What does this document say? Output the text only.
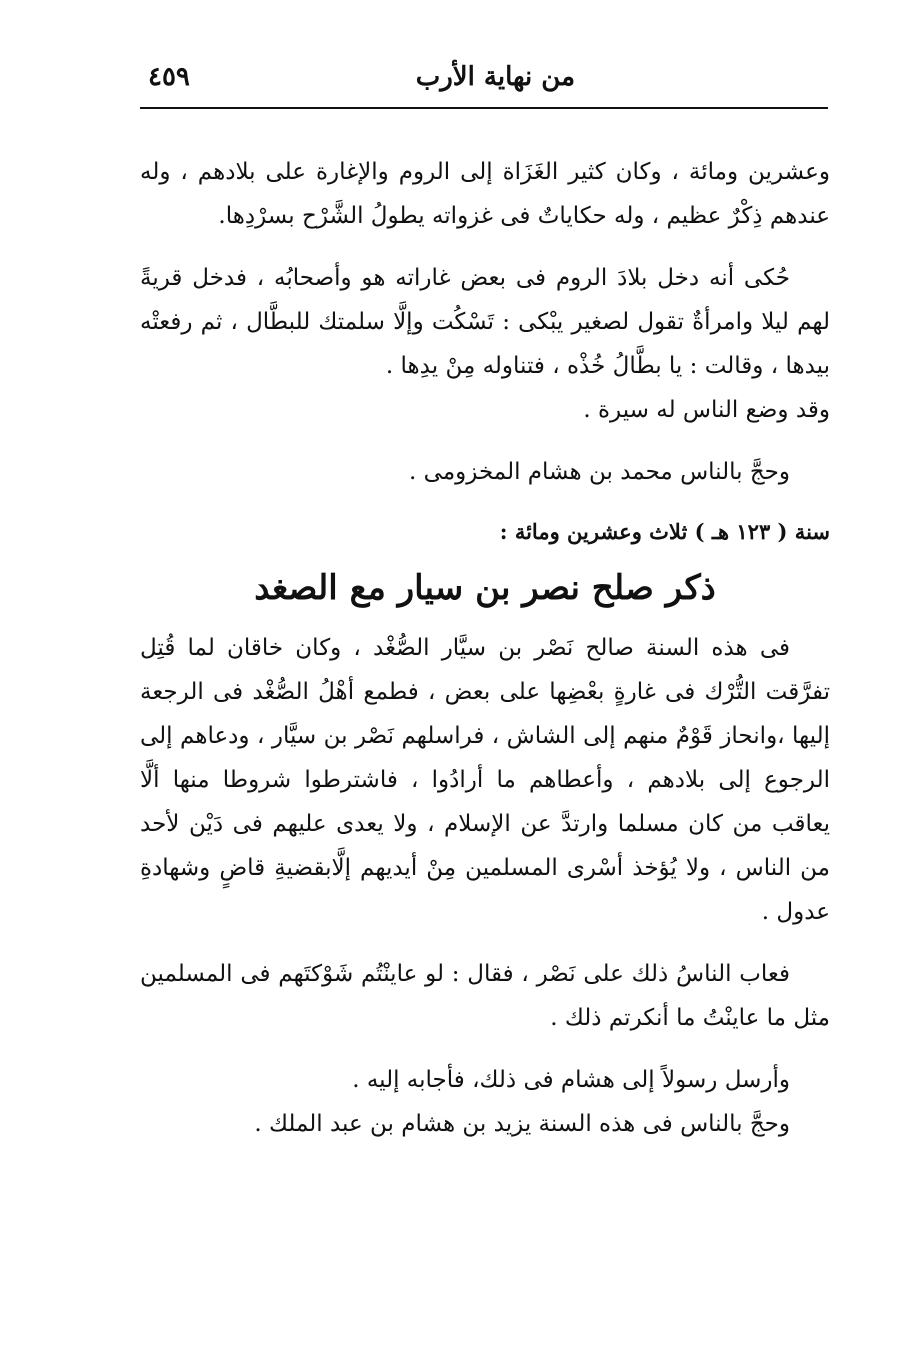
من نهاية الأرب
٤٥٩

وعشرين ومائة ، وكان كثير الغَزَاة إلى الروم والإغارة على بلادهم ، وله عندهم ذِكْرٌ عظيم ، وله حكاياتٌ فى غزواته يطولُ الشَّرْح بسرْدِها.

حُكى أنه دخل بلادَ الروم فى بعض غاراته هو وأصحابُه ، فدخل قريةً لهم ليلا وامرأةٌ تقول لصغير يبْكى : تَسْكُت وإلَّا سلمتك للبطَّال ، ثم رفعتْه بيدها ، وقالت : يا بطَّالُ خُذْه ، فتناوله مِنْ يدِها .

وقد وضع الناس له سيرة .

وحجَّ بالناس محمد بن هشام المخزومى .

سنة ( ١٢٣ هـ ) ثلاث وعشرين ومائة :

ذكر صلح نصر بن سيار مع الصغد

فى هذه السنة صالح نَصْر بن سيَّار الصُّغْد ، وكان خاقان لما قُتِل تفرَّقت التُّرْك فى غارةٍ بعْضِها على بعض ، فطمع أهْلُ الصُّغْد فى الرجعة إليها ،وانحاز قَوْمٌ منهم إلى الشاش ، فراسلهم نَصْر بن سيَّار ، ودعاهم إلى الرجوع إلى بلادهم ، وأعطاهم ما أرادُوا ، فاشترطوا شروطا منها ألَّا يعاقب من كان مسلما وارتدَّ عن الإسلام ، ولا يعدى عليهم فى دَيْن لأحد من الناس ، ولا يُؤخذ أسْرى المسلمين مِنْ أيديهم إلَّابقضيةِ قاضٍ وشهادةِ عدول .

فعاب الناسُ ذلك على نَصْر ، فقال : لو عاينْتُم شَوْكتَهم فى المسلمين مثل ما عاينْتُ ما أنكرتم ذلك .

وأرسل رسولاً إلى هشام فى ذلك، فأجابه إليه .

وحجَّ بالناس فى هذه السنة يزيد بن هشام بن عبد الملك .
